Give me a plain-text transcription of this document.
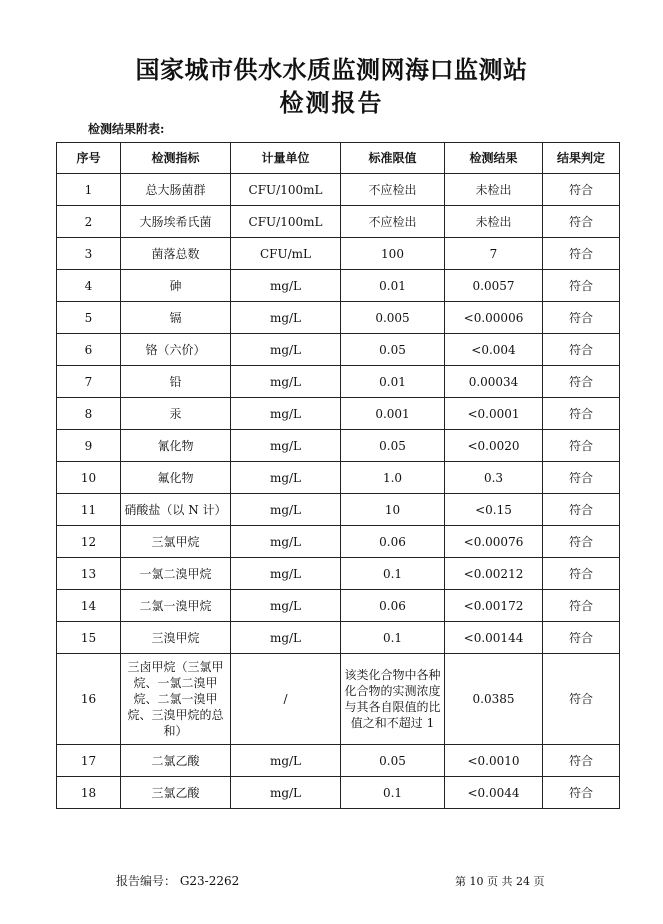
国家城市供水水质监测网海口监测站
检测报告
检测结果附表:
序号	检测指标	计量单位	标准限值	检测结果	结果判定
1	总大肠菌群	CFU/100mL	不应检出	未检出	符合
2	大肠埃希氏菌	CFU/100mL	不应检出	未检出	符合
3	菌落总数	CFU/mL	100	7	符合
4	砷	mg/L	0.01	0.0057	符合
5	镉	mg/L	0.005	<0.00006	符合
6	铬（六价）	mg/L	0.05	<0.004	符合
7	铅	mg/L	0.01	0.00034	符合
8	汞	mg/L	0.001	<0.0001	符合
9	氰化物	mg/L	0.05	<0.0020	符合
10	氟化物	mg/L	1.0	0.3	符合
11	硝酸盐（以 N 计）	mg/L	10	<0.15	符合
12	三氯甲烷	mg/L	0.06	<0.00076	符合
13	一氯二溴甲烷	mg/L	0.1	<0.00212	符合
14	二氯一溴甲烷	mg/L	0.06	<0.00172	符合
15	三溴甲烷	mg/L	0.1	<0.00144	符合
16	三卤甲烷（三氯甲烷、一氯二溴甲烷、二氯一溴甲烷、三溴甲烷的总和）	/	该类化合物中各种化合物的实测浓度与其各自限值的比值之和不超过 1	0.0385	符合
17	二氯乙酸	mg/L	0.05	<0.0010	符合
18	三氯乙酸	mg/L	0.1	<0.0044	符合
报告编号： G23-2262	第 10 页 共 24 页
